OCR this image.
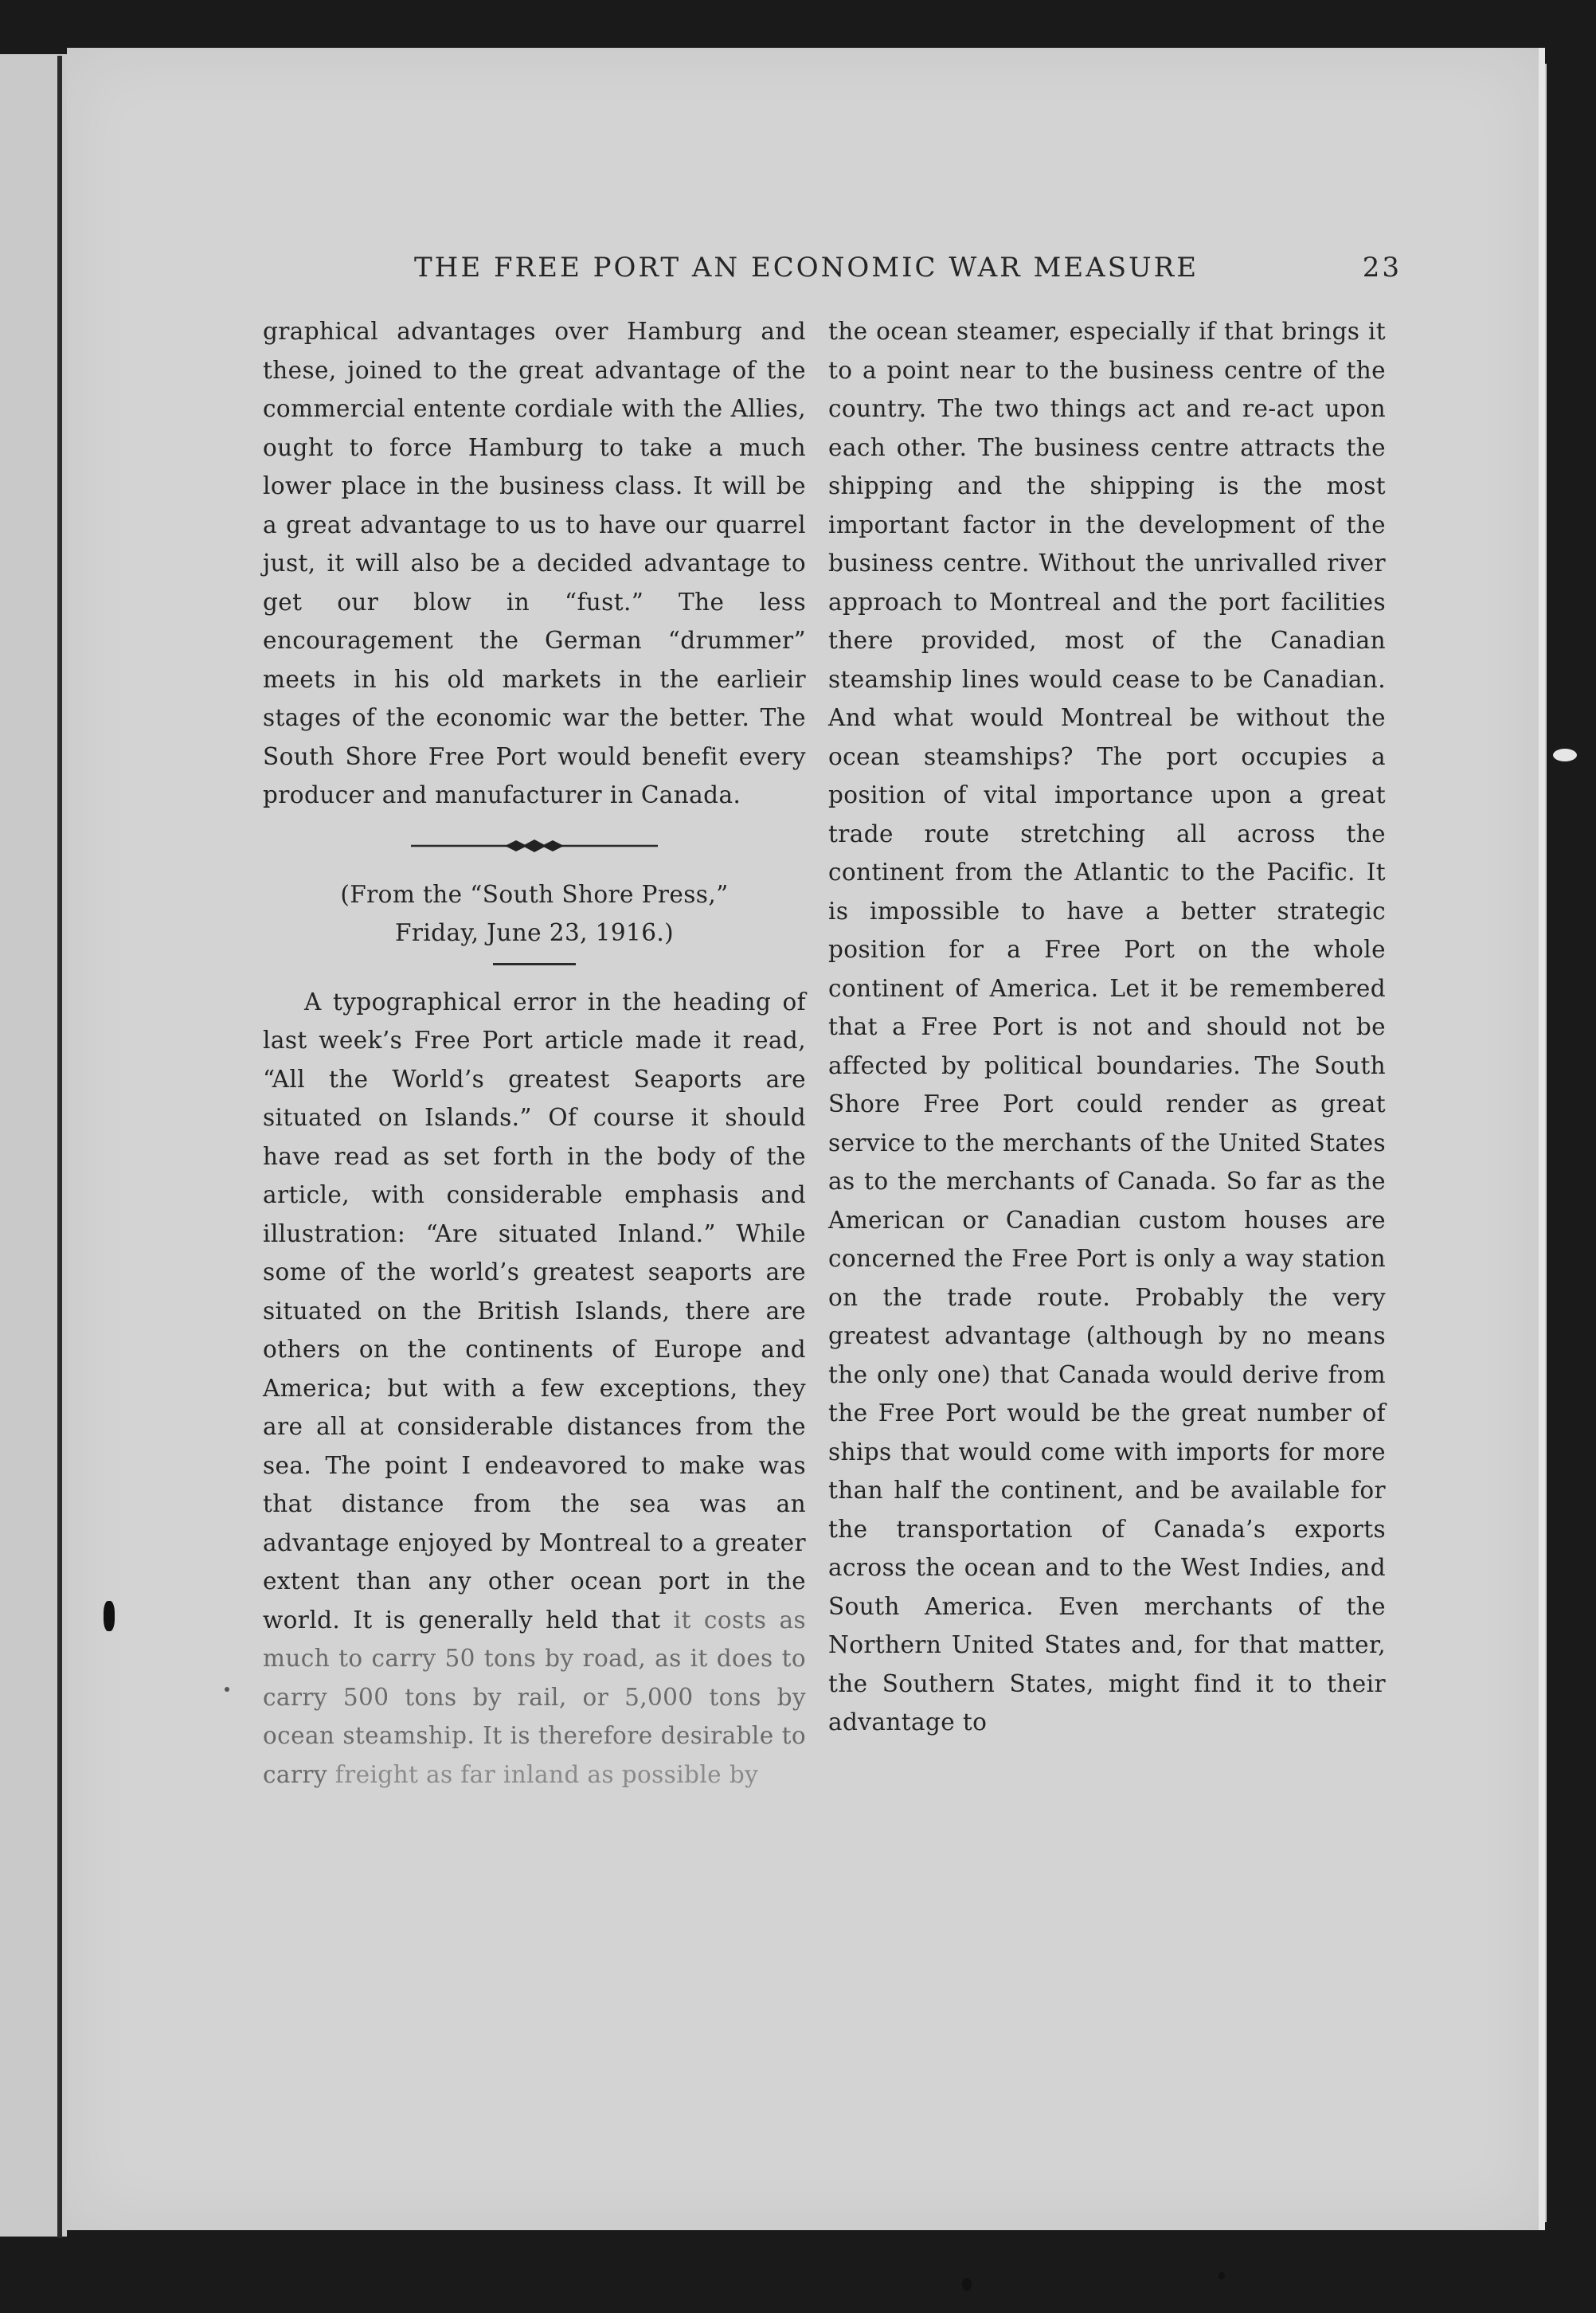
THE FREE PORT AN ECONOMIC WAR MEASURE	23

graphical advantages over Hamburg and these, joined to the great advantage of the commercial entente cordiale with the Allies, ought to force Hamburg to take a much lower place in the business class. It will be a great advantage to us to have our quarrel just, it will also be a decided advantage to get our blow in “fust.” The less encouragement the German “drummer” meets in his old markets in the earlieir stages of the economic war the better. The South Shore Free Port would benefit every producer and manufacturer in Canada.

(From the “South Shore Press,”

Friday, June 23, 1916.)

A typographical error in the heading of last week’s Free Port article made it read, “All the World’s greatest Seaports are situated on Islands.” Of course it should have read as set forth in the body of the article, with considerable emphasis and illustration: “Are situated Inland.” While some of the world’s greatest seaports are situated on the British Islands, there are others on the continents of Europe and America; but with a few exceptions, they are all at considerable distances from the sea. The point I endeavored to make was that distance from the sea was an advantage enjoyed by Montreal to a greater extent than any other ocean port in the world. It is generally held that it costs as much to carry 50 tons by road, as it does to carry 500 tons by rail, or 5,000 tons by ocean steamship. It is therefore desirable to carry freight as far inland as possible by

the ocean steamer, especially if that brings it to a point near to the business centre of the country. The two things act and re-act upon each other. The business centre attracts the shipping and the shipping is the most important factor in the development of the business centre. Without the unrivalled river approach to Montreal and the port facilities there provided, most of the Canadian steamship lines would cease to be Canadian. And what would Montreal be without the ocean steamships? The port occupies a position of vital importance upon a great trade route stretching all across the continent from the Atlantic to the Pacific. It is impossible to have a better strategic position for a Free Port on the whole continent of America. Let it be remembered that a Free Port is not and should not be affected by political boundaries. The South Shore Free Port could render as great service to the merchants of the United States as to the merchants of Canada. So far as the American or Canadian custom houses are concerned the Free Port is only a way station on the trade route. Probably the very greatest advantage (although by no means the only one) that Canada would derive from the Free Port would be the great number of ships that would come with imports for more than half the continent, and be available for the transportation of Canada’s exports across the ocean and to the West Indies, and South America. Even merchants of the Northern United States and, for that matter, the Southern States, might find it to their advantage to
